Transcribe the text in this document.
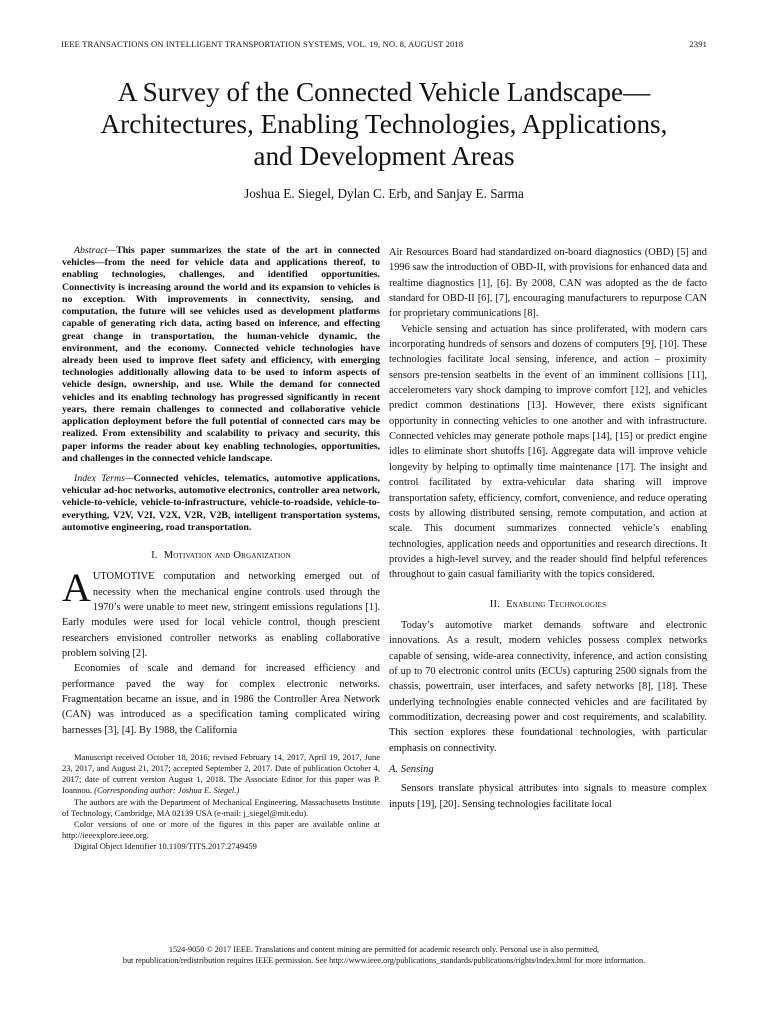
IEEE TRANSACTIONS ON INTELLIGENT TRANSPORTATION SYSTEMS, VOL. 19, NO. 8, AUGUST 2018	2391
A Survey of the Connected Vehicle Landscape—
Architectures, Enabling Technologies, Applications,
and Development Areas
Joshua E. Siegel, Dylan C. Erb, and Sanjay E. Sarma

Abstract—This paper summarizes the state of the art in connected vehicles—from the need for vehicle data and applications thereof, to enabling technologies, challenges, and identified opportunities. Connectivity is increasing around the world and its expansion to vehicles is no exception. With improvements in connectivity, sensing, and computation, the future will see vehicles used as development platforms capable of generating rich data, acting based on inference, and effecting great change in transportation, the human-vehicle dynamic, the environment, and the economy. Connected vehicle technologies have already been used to improve fleet safety and efficiency, with emerging technologies additionally allowing data to be used to inform aspects of vehicle design, ownership, and use. While the demand for connected vehicles and its enabling technology has progressed significantly in recent years, there remain challenges to connected and collaborative vehicle application deployment before the full potential of connected cars may be realized. From extensibility and scalability to privacy and security, this paper informs the reader about key enabling technologies, opportunities, and challenges in the connected vehicle landscape.

Index Terms—Connected vehicles, telematics, automotive applications, vehicular ad-hoc networks, automotive electronics, controller area network, vehicle-to-vehicle, vehicle-to-infrastructure, vehicle-to-roadside, vehicle-to-everything, V2V, V2I, V2X, V2R, V2B, intelligent transportation systems, automotive engineering, road transportation.

I. Motivation and Organization

AUTOMOTIVE computation and networking emerged out of necessity when the mechanical engine controls used through the 1970’s were unable to meet new, stringent emissions regulations [1]. Early modules were used for local vehicle control, though prescient researchers envisioned controller networks as enabling collaborative problem solving [2].

Economies of scale and demand for increased efficiency and performance paved the way for complex electronic networks. Fragmentation became an issue, and in 1986 the Controller Area Network (CAN) was introduced as a specification taming complicated wiring harnesses [3], [4]. By 1988, the California

Manuscript received October 18, 2016; revised February 14, 2017, April 19, 2017, June 23, 2017, and August 21, 2017; accepted September 2, 2017. Date of publication October 4, 2017; date of current version August 1, 2018. The Associate Editor for this paper was P. Ioannou. (Corresponding author: Joshua E. Siegel.)

The authors are with the Department of Mechanical Engineering, Massachusetts Institute of Technology, Cambridge, MA 02139 USA (e-mail: j_siegel@mit.edu).

Color versions of one or more of the figures in this paper are available online at http://ieeexplore.ieee.org.

Digital Object Identifier 10.1109/TITS.2017.2749459

Air Resources Board had standardized on-board diagnostics (OBD) [5] and 1996 saw the introduction of OBD-II, with provisions for enhanced data and realtime diagnostics [1], [6]. By 2008, CAN was adopted as the de facto standard for OBD-II [6], [7], encouraging manufacturers to repurpose CAN for proprietary communications [8].

Vehicle sensing and actuation has since proliferated, with modern cars incorporating hundreds of sensors and dozens of computers [9], [10]. These technologies facilitate local sensing, inference, and action – proximity sensors pre-tension seatbelts in the event of an imminent collisions [11], accelerometers vary shock damping to improve comfort [12], and vehicles predict common destinations [13]. However, there exists significant opportunity in connecting vehicles to one another and with infrastructure. Connected vehicles may generate pothole maps [14], [15] or predict engine idles to eliminate short shutoffs [16]. Aggregate data will improve vehicle longevity by helping to optimally time maintenance [17]. The insight and control facilitated by extra-vehicular data sharing will improve transportation safety, efficiency, comfort, convenience, and reduce operating costs by allowing distributed sensing, remote computation, and action at scale. This document summarizes connected vehicle’s enabling technologies, application needs and opportunities and research directions. It provides a high-level survey, and the reader should find helpful references throughout to gain casual familiarity with the topics considered.

II. Enabling Technologies

Today’s automotive market demands software and electronic innovations. As a result, modern vehicles possess complex networks capable of sensing, wide-area connectivity, inference, and action consisting of up to 70 electronic control units (ECUs) capturing 2500 signals from the chassis, powertrain, user interfaces, and safety networks [8], [18]. These underlying technologies enable connected vehicles and are facilitated by commoditization, decreasing power and cost requirements, and scalability. This section explores these foundational technologies, with particular emphasis on connectivity.

A. Sensing

Sensors translate physical attributes into signals to measure complex inputs [19], [20]. Sensing technologies facilitate local

1524-9050 © 2017 IEEE. Translations and content mining are permitted for academic research only. Personal use is also permitted,
but republication/redistribution requires IEEE permission. See http://www.ieee.org/publications_standards/publications/rights/index.html for more information.
